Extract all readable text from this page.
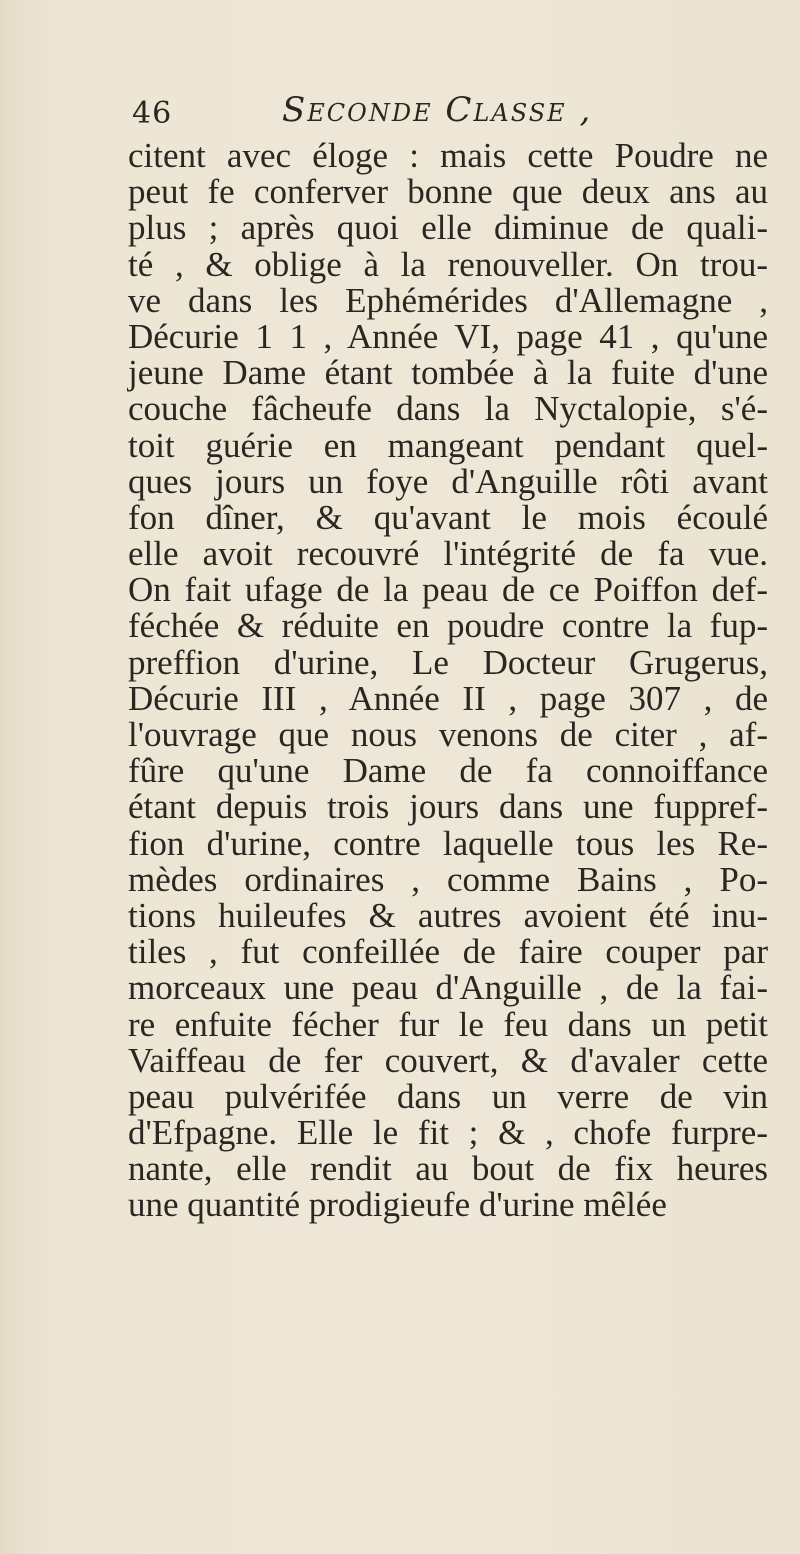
46	Seconde Classe ,
citent avec éloge : mais cette Poudre ne
peut fe conferver bonne que deux ans au
plus ; après quoi elle diminue de quali-
té , & oblige à la renouveller. On trou-
ve dans les Ephémérides d'Allemagne ,
Décurie 1 1 , Année VI, page 41 , qu'une
jeune Dame étant tombée à la fuite d'une
couche fâcheufe dans la Nyctalopie, s'é-
toit guérie en mangeant pendant quel-
ques jours un foye d'Anguille rôti avant
fon dîner, & qu'avant le mois écoulé
elle avoit recouvré l'intégrité de fa vue.
On fait ufage de la peau de ce Poiffon def-
féchée & réduite en poudre contre la fup-
preffion d'urine, Le Docteur Grugerus,
Décurie III , Année II , page 307 , de
l'ouvrage que nous venons de citer , af-
fûre qu'une Dame de fa connoiffance
étant depuis trois jours dans une fuppref-
fion d'urine, contre laquelle tous les Re-
mèdes ordinaires , comme Bains , Po-
tions huileufes & autres avoient été inu-
tiles , fut confeillée de faire couper par
morceaux une peau d'Anguille , de la fai-
re enfuite fécher fur le feu dans un petit
Vaiffeau de fer couvert, & d'avaler cette
peau pulvérifée dans un verre de vin
d'Efpagne. Elle le fit ; & , chofe furpre-
nante, elle rendit au bout de fix heures
une quantité prodigieufe d'urine mêlée
